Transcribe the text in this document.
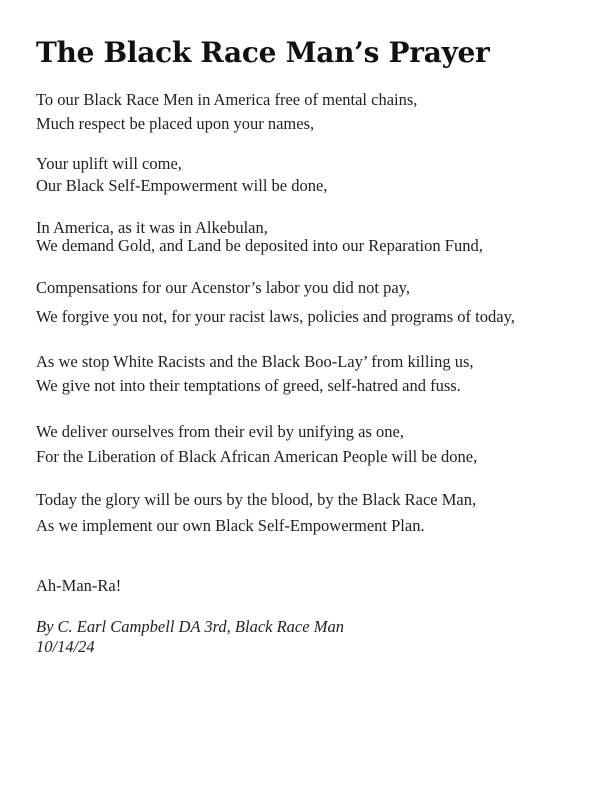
The Black Race Man’s Prayer
To our Black Race Men in America free of mental chains,
Much respect be placed upon your names,
Your uplift will come,
Our Black Self-Empowerment will be done,
In America, as it was in Alkebulan,
We demand Gold, and Land be deposited into our Reparation Fund,
Compensations for our Acenstor’s labor you did not pay,
We forgive you not, for your racist laws, policies and programs of today,
As we stop White Racists and the Black Boo-Lay’ from killing us,
We give not into their temptations of greed, self-hatred and fuss.
We deliver ourselves from their evil by unifying as one,
For the Liberation of Black African American People will be done,
Today the glory will be ours by the blood, by the Black Race Man,
As we implement our own Black Self-Empowerment Plan.
Ah-Man-Ra!
By C. Earl Campbell DA 3rd, Black Race Man
10/14/24
